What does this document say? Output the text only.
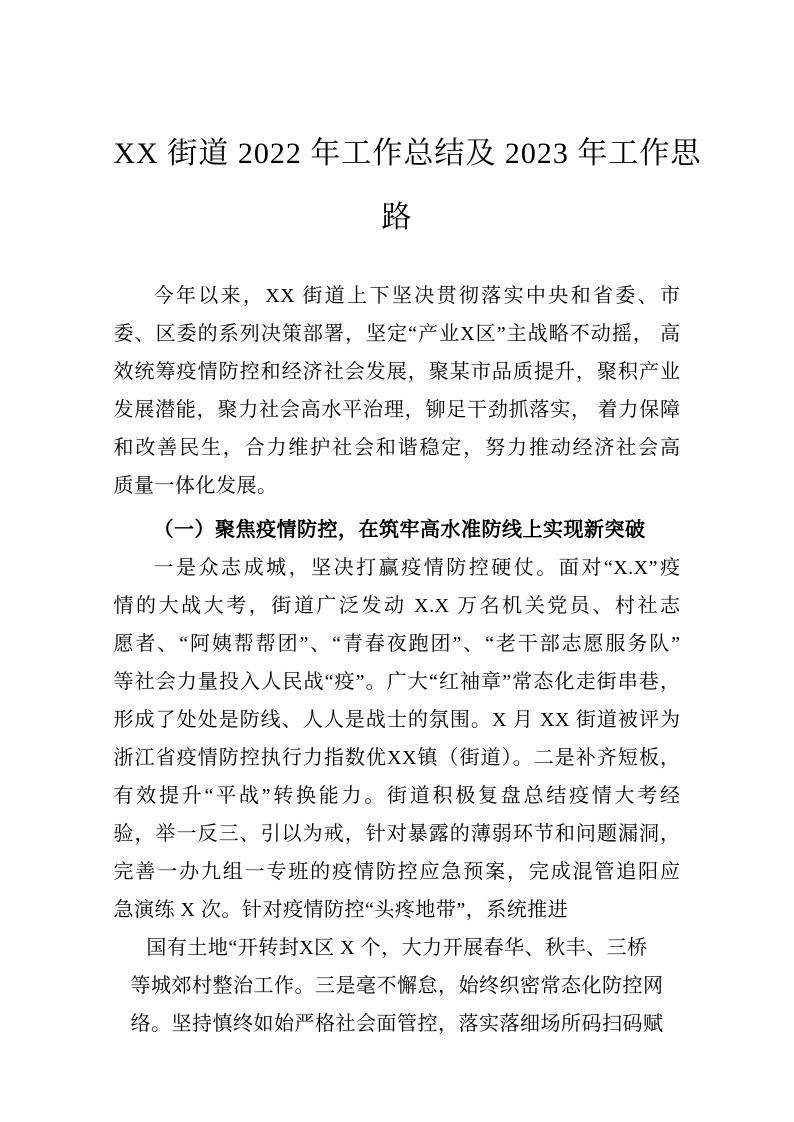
XX 街道 2022 年工作总结及 2023 年工作思
路
今年以来，XX 街道上下坚决贯彻落实中央和省委、市
委、区委的系列决策部署，坚定“产业X区”主战略不动摇， 高
效统筹疫情防控和经济社会发展，聚某市品质提升，聚积产业
发展潜能，聚力社会高水平治理，铆足干劲抓落实， 着力保障
和改善民生，合力维护社会和谐稳定，努力推动经济社会高
质量一体化发展。
（一）聚焦疫情防控，在筑牢高水准防线上实现新突破
一是众志成城，坚决打赢疫情防控硬仗。面对“X.X”疫
情的大战大考，街道广泛发动 X.X 万名机关党员、村社志
愿者、“阿姨帮帮团”、“青春夜跑团”、“老干部志愿服务队”
等社会力量投入人民战“疫”。广大“红袖章”常态化走街串巷，
形成了处处是防线、人人是战士的氛围。X 月 XX 街道被评为
浙江省疫情防控执行力指数优XX镇（街道）。二是补齐短板，
有效提升“平战”转换能力。街道积极复盘总结疫情大考经
验，举一反三、引以为戒，针对暴露的薄弱环节和问题漏洞，
完善一办九组一专班的疫情防控应急预案，完成混管追阳应
急演练 X 次。针对疫情防控“头疼地带”，系统推进
国有土地“开转封X区 X 个，大力开展春华、秋丰、三桥
等城郊村整治工作。三是毫不懈怠，始终织密常态化防控网
络。坚持慎终如始严格社会面管控，落实落细场所码扫码赋
